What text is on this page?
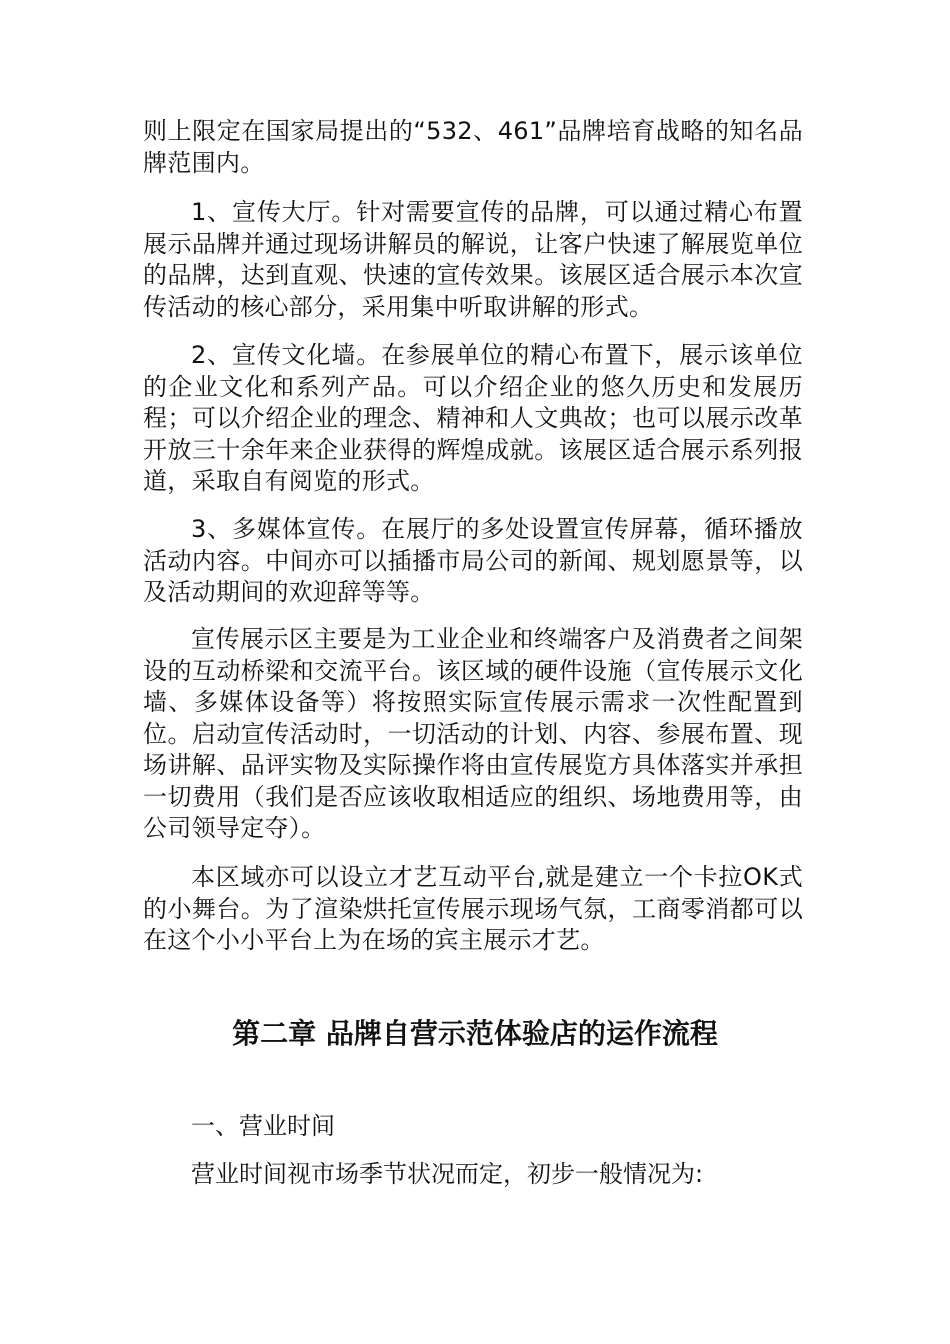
则上限定在国家局提出的“532、461”品牌培育战略的知名品牌范围内。

1、宣传大厅。针对需要宣传的品牌，可以通过精心布置展示品牌并通过现场讲解员的解说，让客户快速了解展览单位的品牌，达到直观、快速的宣传效果。该展区适合展示本次宣传活动的核心部分，采用集中听取讲解的形式。

2、宣传文化墙。在参展单位的精心布置下，展示该单位的企业文化和系列产品。可以介绍企业的悠久历史和发展历程；可以介绍企业的理念、精神和人文典故；也可以展示改革开放三十余年来企业获得的辉煌成就。该展区适合展示系列报道，采取自有阅览的形式。

3、多媒体宣传。在展厅的多处设置宣传屏幕，循环播放活动内容。中间亦可以插播市局公司的新闻、规划愿景等，以及活动期间的欢迎辞等等。

宣传展示区主要是为工业企业和终端客户及消费者之间架设的互动桥梁和交流平台。该区域的硬件设施（宣传展示文化墙、多媒体设备等）将按照实际宣传展示需求一次性配置到位。启动宣传活动时，一切活动的计划、内容、参展布置、现场讲解、品评实物及实际操作将由宣传展览方具体落实并承担一切费用（我们是否应该收取相适应的组织、场地费用等，由公司领导定夺）。

本区域亦可以设立才艺互动平台,就是建立一个卡拉OK式的小舞台。为了渲染烘托宣传展示现场气氛，工商零消都可以在这个小小平台上为在场的宾主展示才艺。

第二章 品牌自营示范体验店的运作流程

一、营业时间

营业时间视市场季节状况而定，初步一般情况为:
